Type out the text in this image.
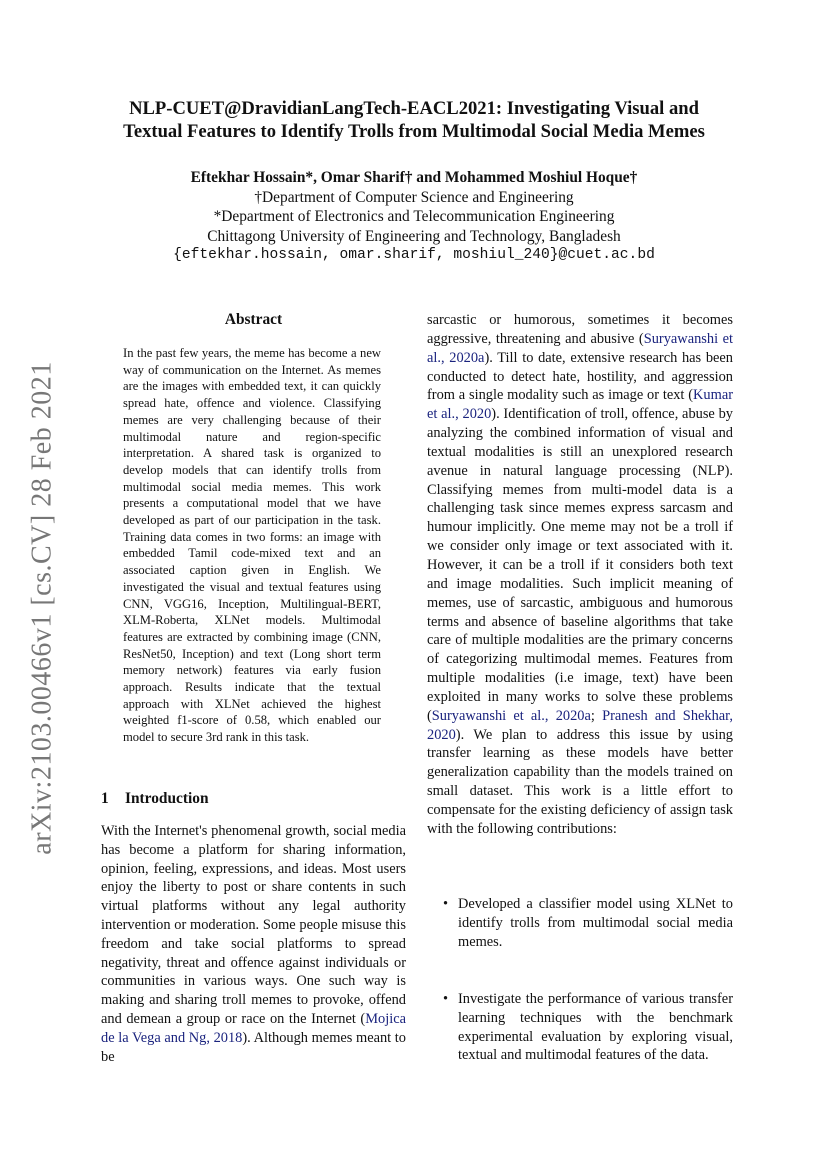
arXiv:2103.00466v1 [cs.CV] 28 Feb 2021
NLP-CUET@DravidianLangTech-EACL2021: Investigating Visual and
Textual Features to Identify Trolls from Multimodal Social Media Memes
Eftekhar Hossain*, Omar Sharif† and Mohammed Moshiul Hoque†
†Department of Computer Science and Engineering
*Department of Electronics and Telecommunication Engineering
Chittagong University of Engineering and Technology, Bangladesh
{eftekhar.hossain, omar.sharif, moshiul_240}@cuet.ac.bd
Abstract

In the past few years, the meme has become a new way of communication on the Internet. As memes are the images with embedded text, it can quickly spread hate, offence and violence. Classifying memes are very challenging because of their multimodal nature and region-specific interpretation. A shared task is organized to develop models that can identify trolls from multimodal social media memes. This work presents a computational model that we have developed as part of our participation in the task. Training data comes in two forms: an image with embedded Tamil code-mixed text and an associated caption given in English. We investigated the visual and textual features using CNN, VGG16, Inception, Multilingual-BERT, XLM-Roberta, XLNet models. Multimodal features are extracted by combining image (CNN, ResNet50, Inception) and text (Long short term memory network) features via early fusion approach. Results indicate that the textual approach with XLNet achieved the highest weighted f1-score of 0.58, which enabled our model to secure 3rd rank in this task.

1 Introduction

With the Internet's phenomenal growth, social media has become a platform for sharing information, opinion, feeling, expressions, and ideas. Most users enjoy the liberty to post or share contents in such virtual platforms without any legal authority intervention or moderation. Some people misuse this freedom and take social platforms to spread negativity, threat and offence against individuals or communities in various ways. One such way is making and sharing troll memes to provoke, offend and demean a group or race on the Internet (Mojica de la Vega and Ng, 2018). Although memes meant to be

sarcastic or humorous, sometimes it becomes aggressive, threatening and abusive (Suryawanshi et al., 2020a). Till to date, extensive research has been conducted to detect hate, hostility, and aggression from a single modality such as image or text (Kumar et al., 2020). Identification of troll, offence, abuse by analyzing the combined information of visual and textual modalities is still an unexplored research avenue in natural language processing (NLP). Classifying memes from multi-model data is a challenging task since memes express sarcasm and humour implicitly. One meme may not be a troll if we consider only image or text associated with it. However, it can be a troll if it considers both text and image modalities. Such implicit meaning of memes, use of sarcastic, ambiguous and humorous terms and absence of baseline algorithms that take care of multiple modalities are the primary concerns of categorizing multimodal memes. Features from multiple modalities (i.e image, text) have been exploited in many works to solve these problems (Suryawanshi et al., 2020a; Pranesh and Shekhar, 2020). We plan to address this issue by using transfer learning as these models have better generalization capability than the models trained on small dataset. This work is a little effort to compensate for the existing deficiency of assign task with the following contributions:

• Developed a classifier model using XLNet to identify trolls from multimodal social media memes.
• Investigate the performance of various transfer learning techniques with the benchmark experimental evaluation by exploring visual, textual and multimodal features of the data.
